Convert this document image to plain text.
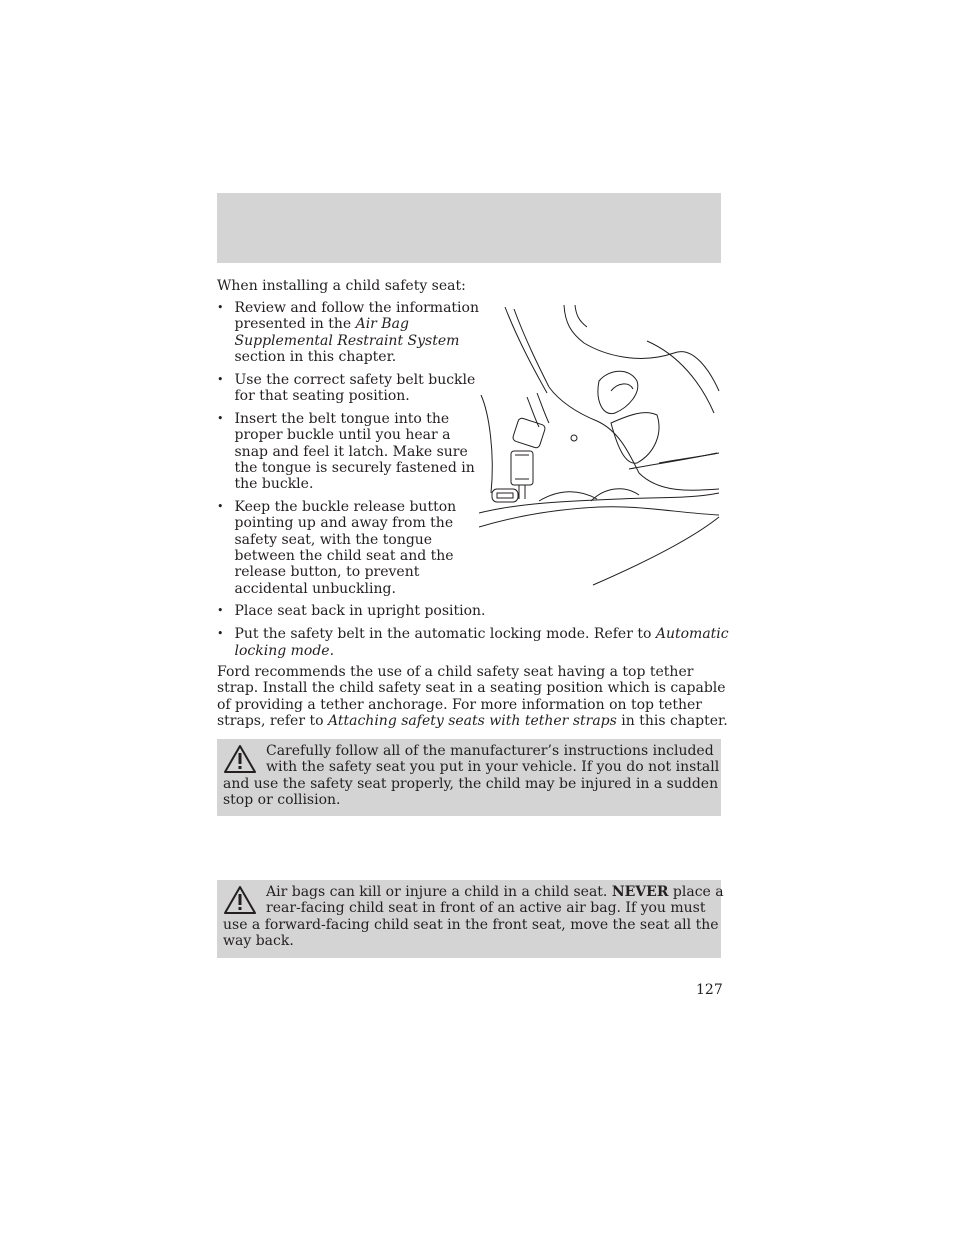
When installing a child safety seat:
• Review and follow the information
presented in the Air Bag
Supplemental Restraint System
section in this chapter.
• Use the correct safety belt buckle
for that seating position.
• Insert the belt tongue into the
proper buckle until you hear a
snap and feel it latch. Make sure
the tongue is securely fastened in
the buckle.
• Keep the buckle release button
pointing up and away from the
safety seat, with the tongue
between the child seat and the
release button, to prevent
accidental unbuckling.
• Place seat back in upright position.
• Put the safety belt in the automatic locking mode. Refer to Automatic
locking mode.
Ford recommends the use of a child safety seat having a top tether
strap. Install the child safety seat in a seating position which is capable
of providing a tether anchorage. For more information on top tether
straps, refer to Attaching safety seats with tether straps in this chapter.
Carefully follow all of the manufacturer’s instructions included
with the safety seat you put in your vehicle. If you do not install
and use the safety seat properly, the child may be injured in a sudden
stop or collision.
Air bags can kill or injure a child in a child seat. NEVER place a
rear-facing child seat in front of an active air bag. If you must
use a forward-facing child seat in the front seat, move the seat all the
way back.
127
